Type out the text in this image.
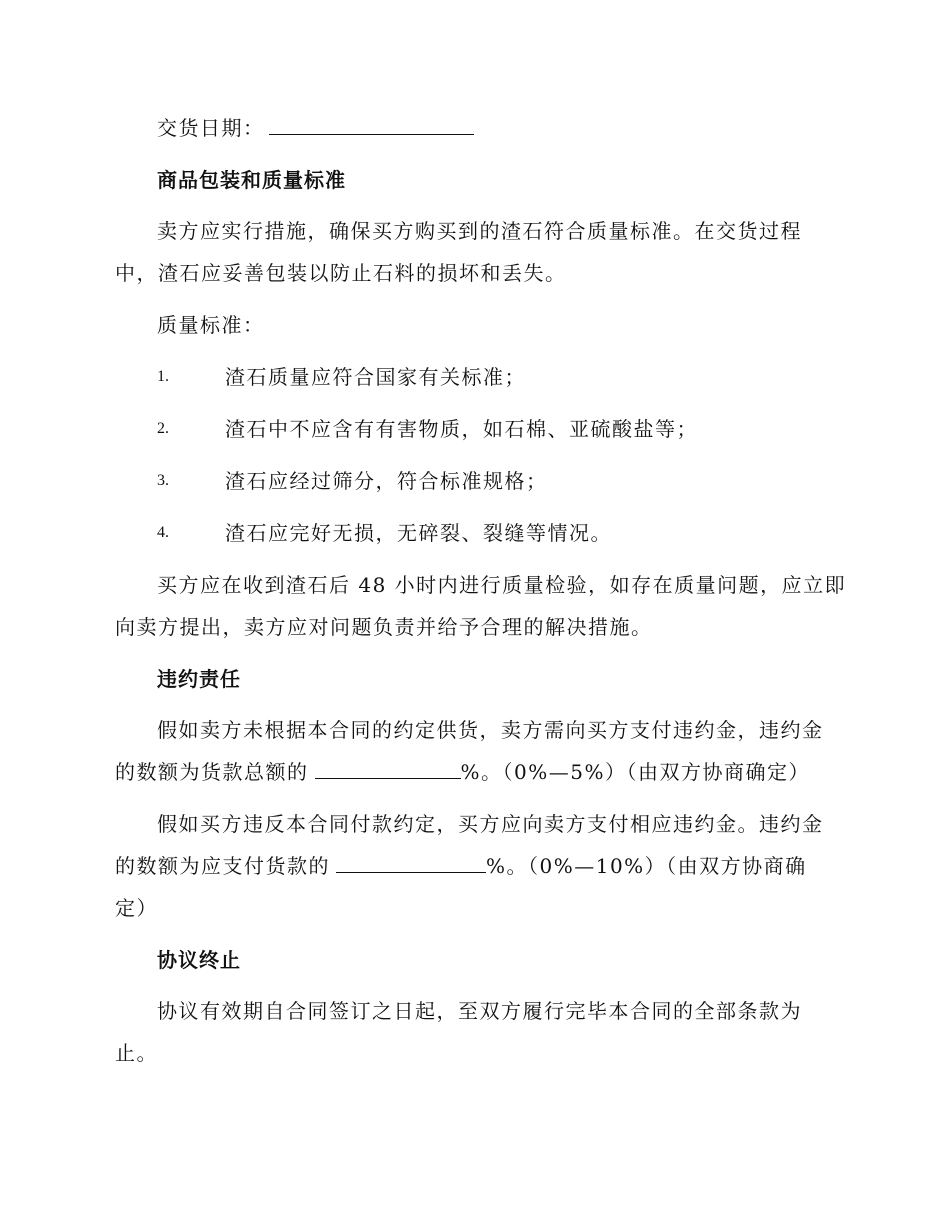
交货日期：
商品包装和质量标准
卖方应实行措施，确保买方购买到的渣石符合质量标准。在交货过程
中，渣石应妥善包装以防止石料的损坏和丢失。
质量标准：
1.	渣石质量应符合国家有关标准；
2.	渣石中不应含有有害物质，如石棉、亚硫酸盐等；
3.	渣石应经过筛分，符合标准规格；
4.	渣石应完好无损，无碎裂、裂缝等情况。
买方应在收到渣石后 48 小时内进行质量检验，如存在质量问题，应立即
向卖方提出，卖方应对问题负责并给予合理的解决措施。
违约责任
假如卖方未根据本合同的约定供货，卖方需向买方支付违约金，违约金
的数额为货款总额的	%。（0%—5%）（由双方协商确定）
假如买方违反本合同付款约定，买方应向卖方支付相应违约金。违约金
的数额为应支付货款的	%。（0%—10%）（由双方协商确
定）
协议终止
协议有效期自合同签订之日起，至双方履行完毕本合同的全部条款为
止。
